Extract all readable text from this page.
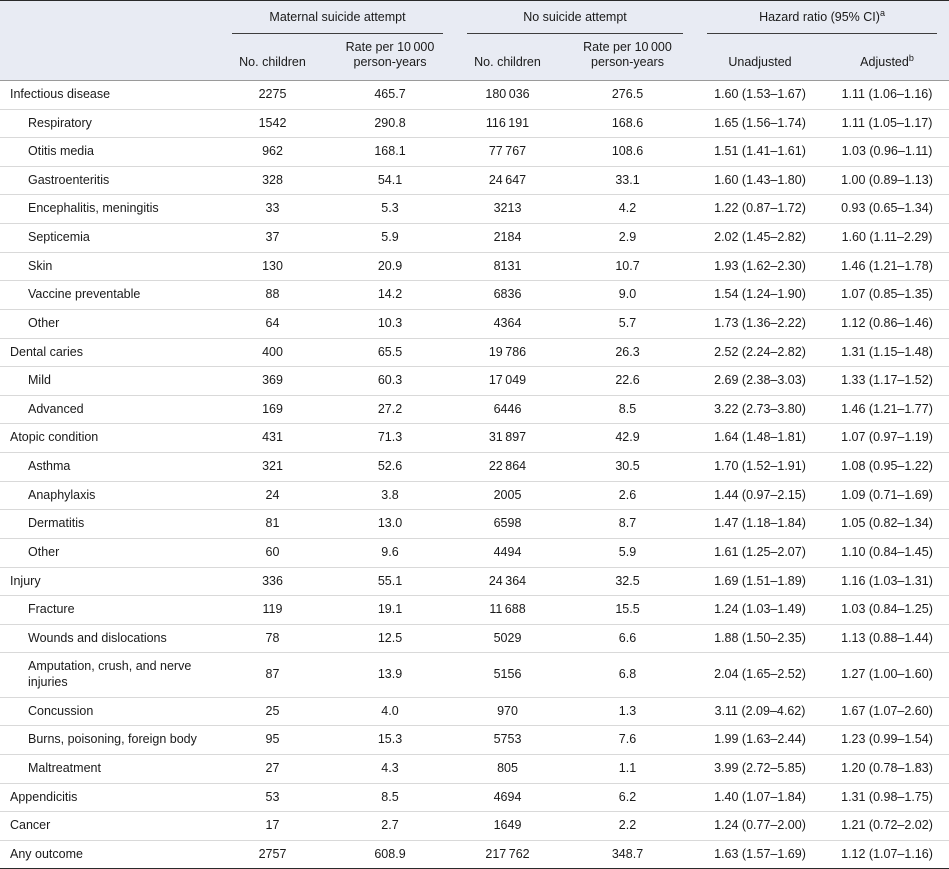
	Maternal suicide attempt		No suicide attempt		Hazard ratio (95% CI)$^a$

	No. children	Rate per 10 000 person-years	No. children	Rate per 10 000 person-years	Unadjusted	Adjusted$^b$
Infectious disease	2275	465.7	180 036	276.5	1.60 (1.53–1.67)	1.11 (1.06–1.16)
Respiratory	1542	290.8	116 191	168.6	1.65 (1.56–1.74)	1.11 (1.05–1.17)
Otitis media	962	168.1	77 767	108.6	1.51 (1.41–1.61)	1.03 (0.96–1.11)
Gastroenteritis	328	54.1	24 647	33.1	1.60 (1.43–1.80)	1.00 (0.89–1.13)
Encephalitis, meningitis	33	5.3	3213	4.2	1.22 (0.87–1.72)	0.93 (0.65–1.34)
Septicemia	37	5.9	2184	2.9	2.02 (1.45–2.82)	1.60 (1.11–2.29)
Skin	130	20.9	8131	10.7	1.93 (1.62–2.30)	1.46 (1.21–1.78)
Vaccine preventable	88	14.2	6836	9.0	1.54 (1.24–1.90)	1.07 (0.85–1.35)
Other	64	10.3	4364	5.7	1.73 (1.36–2.22)	1.12 (0.86–1.46)
Dental caries	400	65.5	19 786	26.3	2.52 (2.24–2.82)	1.31 (1.15–1.48)
Mild	369	60.3	17 049	22.6	2.69 (2.38–3.03)	1.33 (1.17–1.52)
Advanced	169	27.2	6446	8.5	3.22 (2.73–3.80)	1.46 (1.21–1.77)
Atopic condition	431	71.3	31 897	42.9	1.64 (1.48–1.81)	1.07 (0.97–1.19)
Asthma	321	52.6	22 864	30.5	1.70 (1.52–1.91)	1.08 (0.95–1.22)
Anaphylaxis	24	3.8	2005	2.6	1.44 (0.97–2.15)	1.09 (0.71–1.69)
Dermatitis	81	13.0	6598	8.7	1.47 (1.18–1.84)	1.05 (0.82–1.34)
Other	60	9.6	4494	5.9	1.61 (1.25–2.07)	1.10 (0.84–1.45)
Injury	336	55.1	24 364	32.5	1.69 (1.51–1.89)	1.16 (1.03–1.31)
Fracture	119	19.1	11 688	15.5	1.24 (1.03–1.49)	1.03 (0.84–1.25)
Wounds and dislocations	78	12.5	5029	6.6	1.88 (1.50–2.35)	1.13 (0.88–1.44)
Amputation, crush, and nerve injuries	87	13.9	5156	6.8	2.04 (1.65–2.52)	1.27 (1.00–1.60)
Concussion	25	4.0	970	1.3	3.11 (2.09–4.62)	1.67 (1.07–2.60)
Burns, poisoning, foreign body	95	15.3	5753	7.6	1.99 (1.63–2.44)	1.23 (0.99–1.54)
Maltreatment	27	4.3	805	1.1	3.99 (2.72–5.85)	1.20 (0.78–1.83)
Appendicitis	53	8.5	4694	6.2	1.40 (1.07–1.84)	1.31 (0.98–1.75)
Cancer	17	2.7	1649	2.2	1.24 (0.77–2.00)	1.21 (0.72–2.02)
Any outcome	2757	608.9	217 762	348.7	1.63 (1.57–1.69)	1.12 (1.07–1.16)
